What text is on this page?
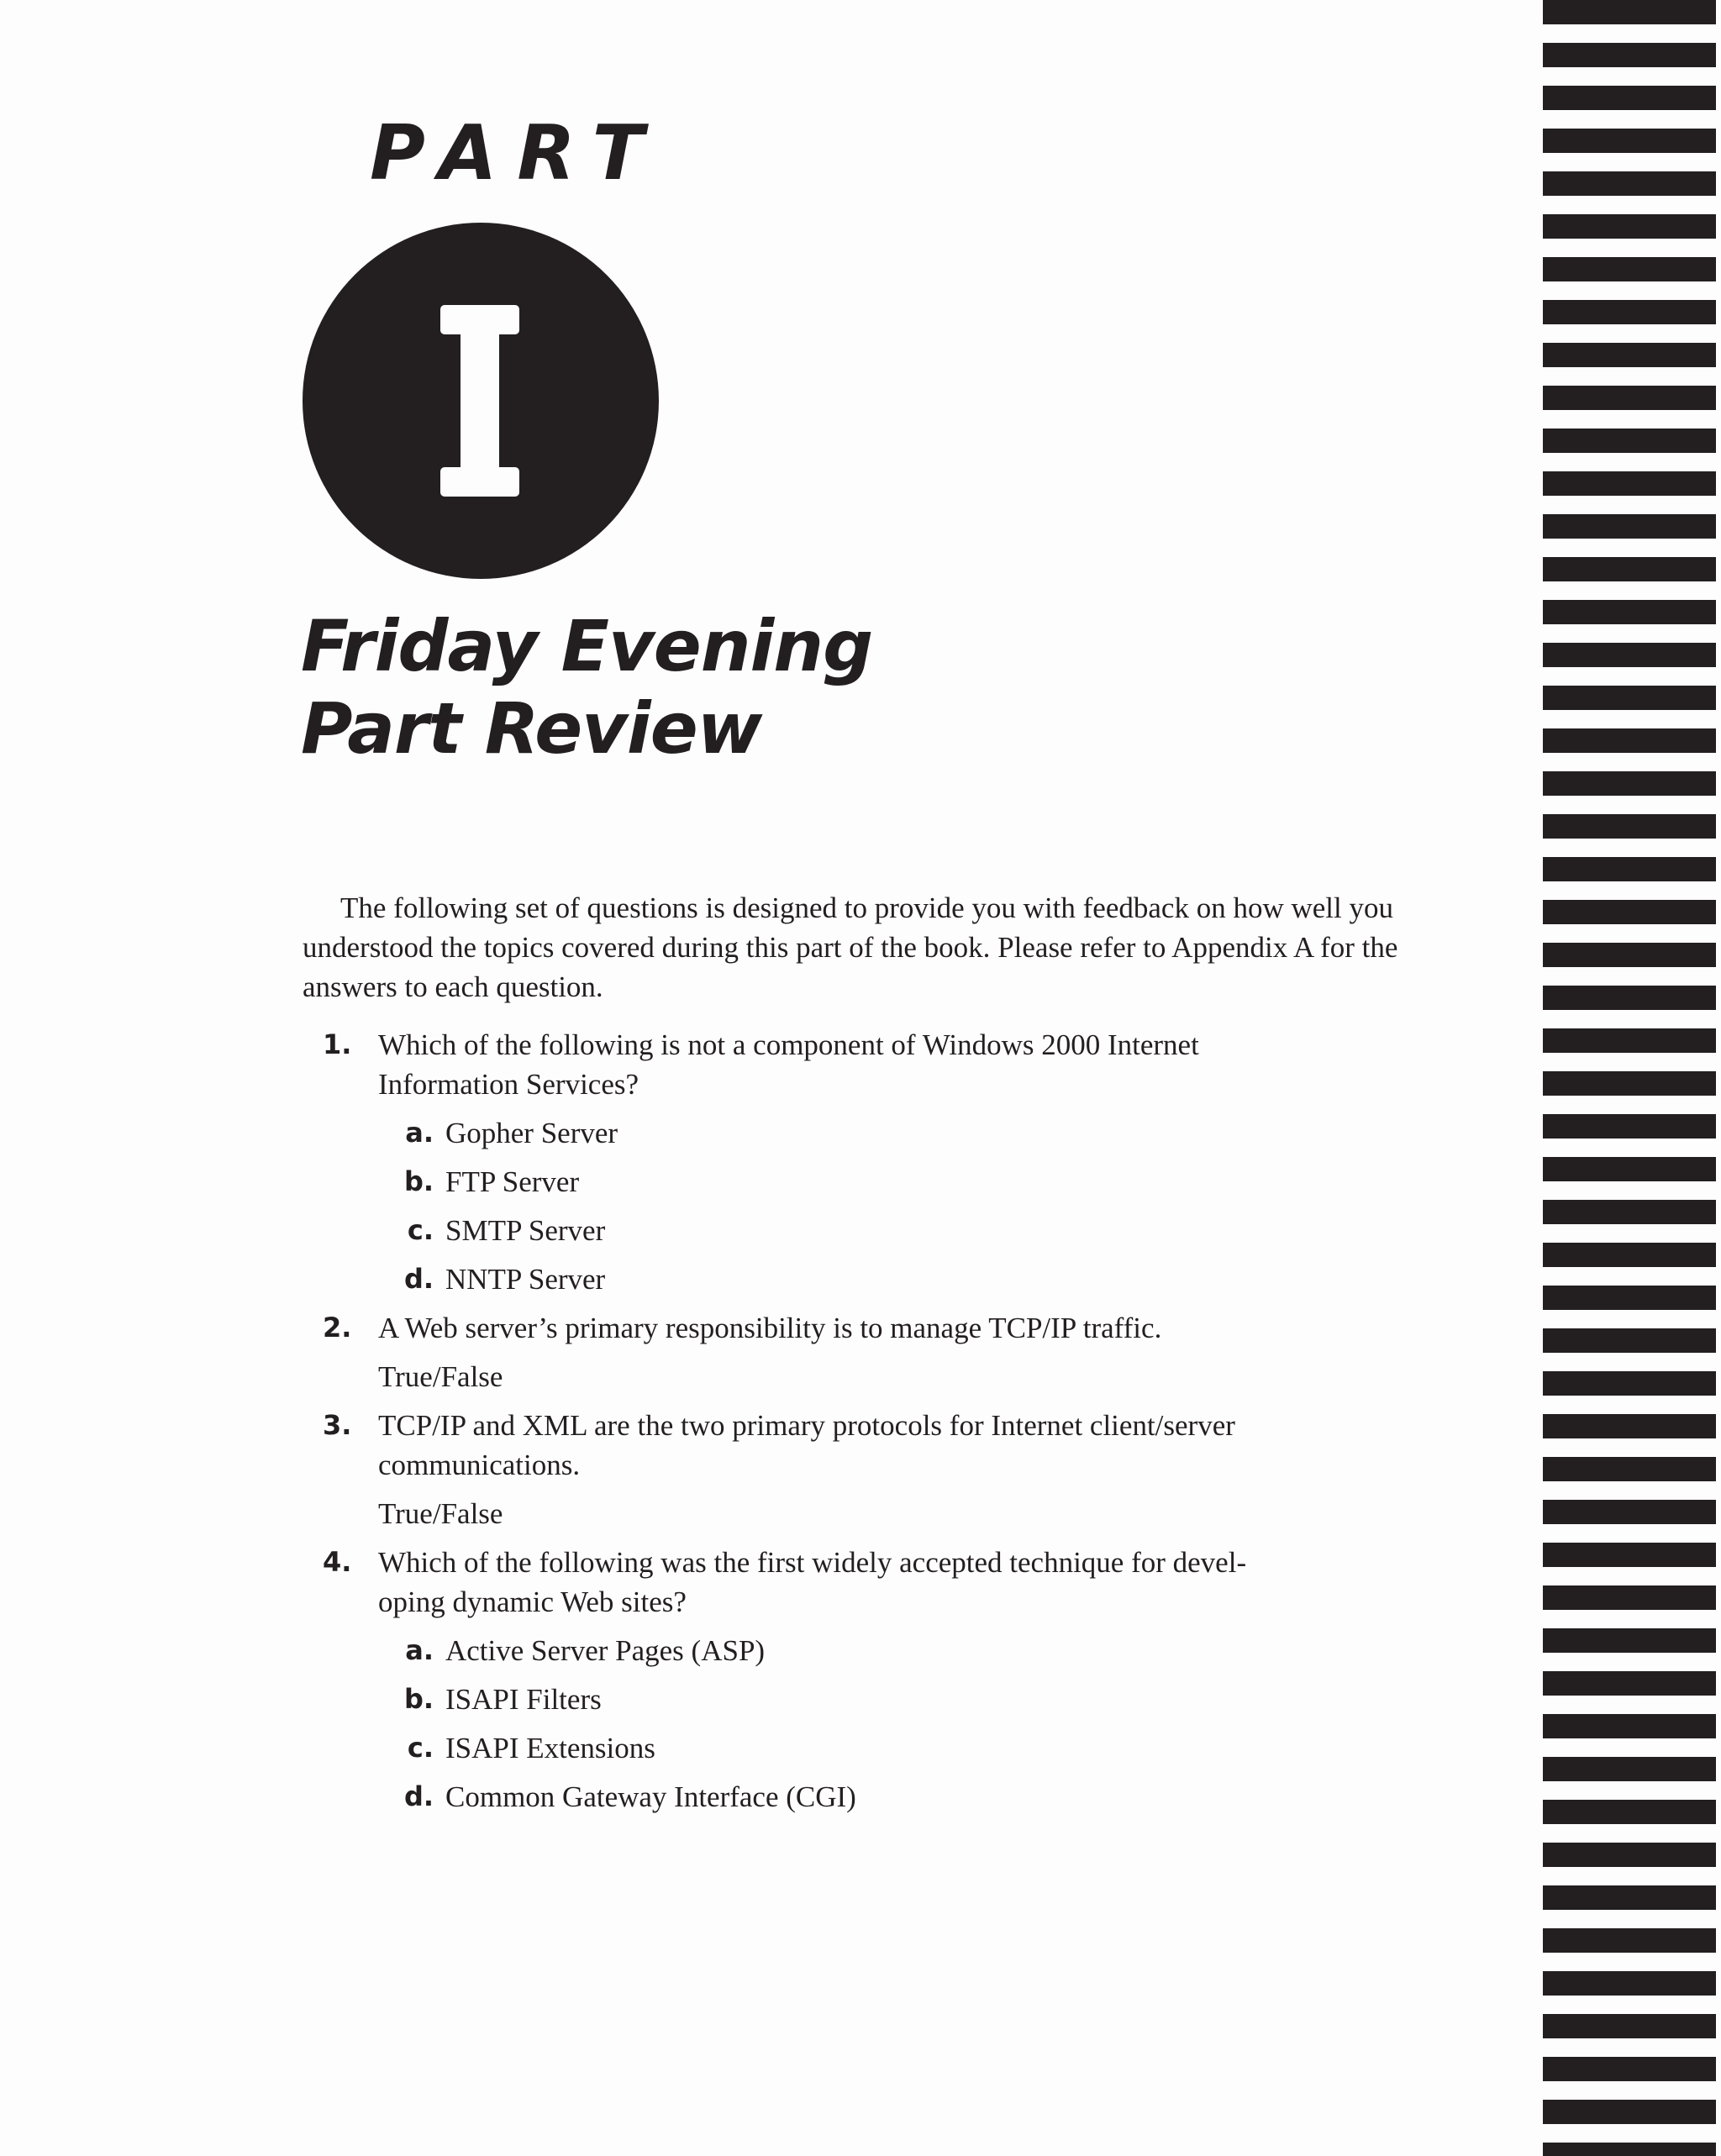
PART
Friday Evening
Part Review

The following set of questions is designed to provide you with feedback on how well you understood the topics covered during this part of the book. Please refer to Appendix A for the answers to each question.

1. Which of the following is not a component of Windows 2000 Internet
Information Services?
a. Gopher Server
b. FTP Server
c. SMTP Server
d. NNTP Server
2. A Web server’s primary responsibility is to manage TCP/IP traffic.
True/False
3. TCP/IP and XML are the two primary protocols for Internet client/server
communications.
True/False
4. Which of the following was the first widely accepted technique for devel-
oping dynamic Web sites?
a. Active Server Pages (ASP)
b. ISAPI Filters
c. ISAPI Extensions
d. Common Gateway Interface (CGI)
